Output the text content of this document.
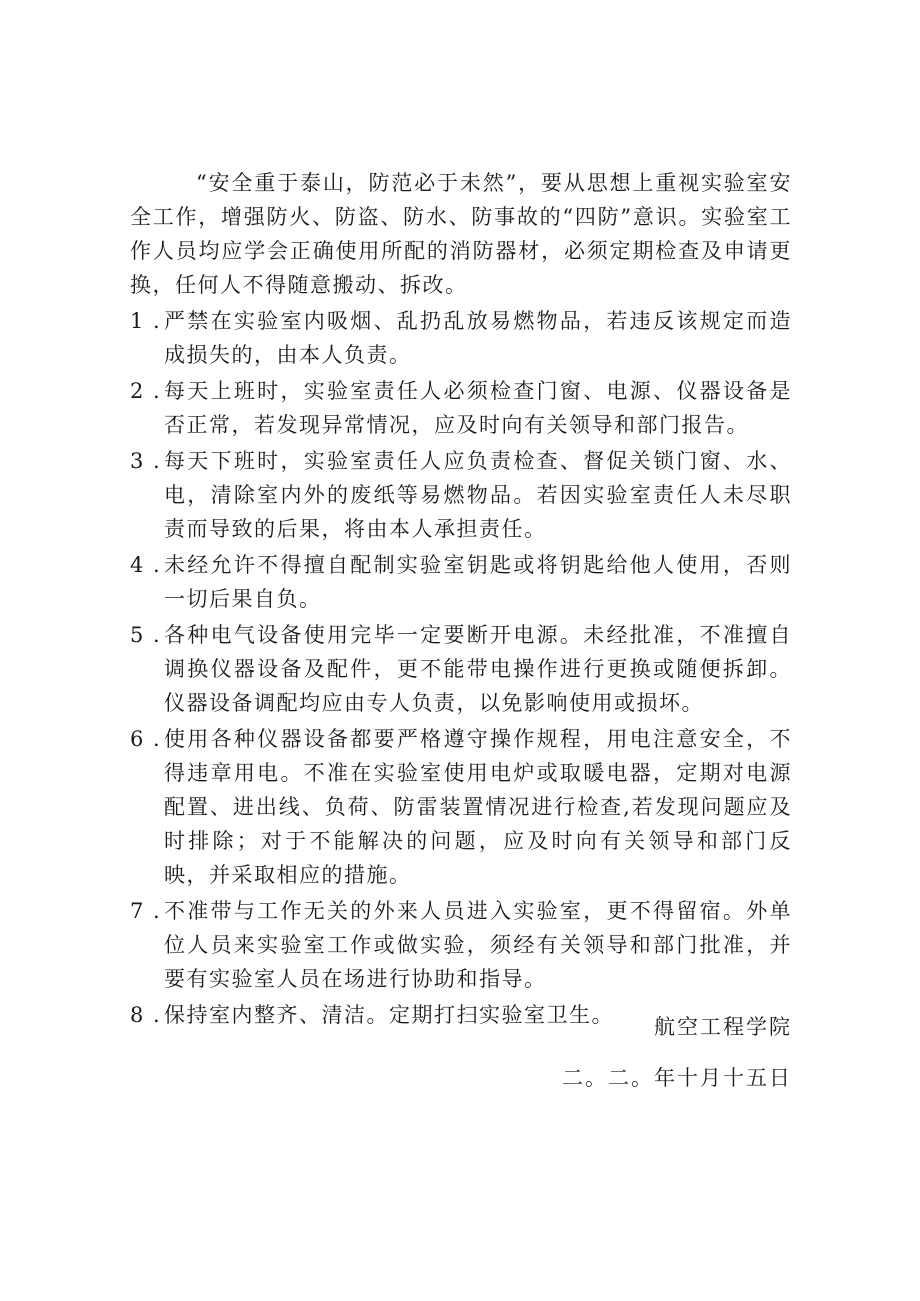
“安全重于泰山，防范必于未然”，要从思想上重视实验室安全工作，增强防火、防盗、防水、防事故的“四防”意识。实验室工作人员均应学会正确使用所配的消防器材，必须定期检查及申请更换，任何人不得随意搬动、拆改。

1 . 严禁在实验室内吸烟、乱扔乱放易燃物品，若违反该规定而造成损失的，由本人负责。
2 . 每天上班时，实验室责任人必须检查门窗、电源、仪器设备是否正常，若发现异常情况，应及时向有关领导和部门报告。
3 . 每天下班时，实验室责任人应负责检查、督促关锁门窗、水、电，清除室内外的废纸等易燃物品。若因实验室责任人未尽职责而导致的后果，将由本人承担责任。
4 . 未经允许不得擅自配制实验室钥匙或将钥匙给他人使用，否则一切后果自负。
5 . 各种电气设备使用完毕一定要断开电源。未经批准，不准擅自调换仪器设备及配件，更不能带电操作进行更换或随便拆卸。仪器设备调配均应由专人负责，以免影响使用或损坏。
6 . 使用各种仪器设备都要严格遵守操作规程，用电注意安全，不得违章用电。不准在实验室使用电炉或取暖电器，定期对电源配置、进出线、负荷、防雷装置情况进行检查,若发现问题应及时排除；对于不能解决的问题，应及时向有关领导和部门反映，并采取相应的措施。
7 . 不准带与工作无关的外来人员进入实验室，更不得留宿。外单位人员来实验室工作或做实验，须经有关领导和部门批准，并要有实验室人员在场进行协助和指导。
8 . 保持室内整齐、清洁。定期打扫实验室卫生。	航空工程学院
二。二。年十月十五日
